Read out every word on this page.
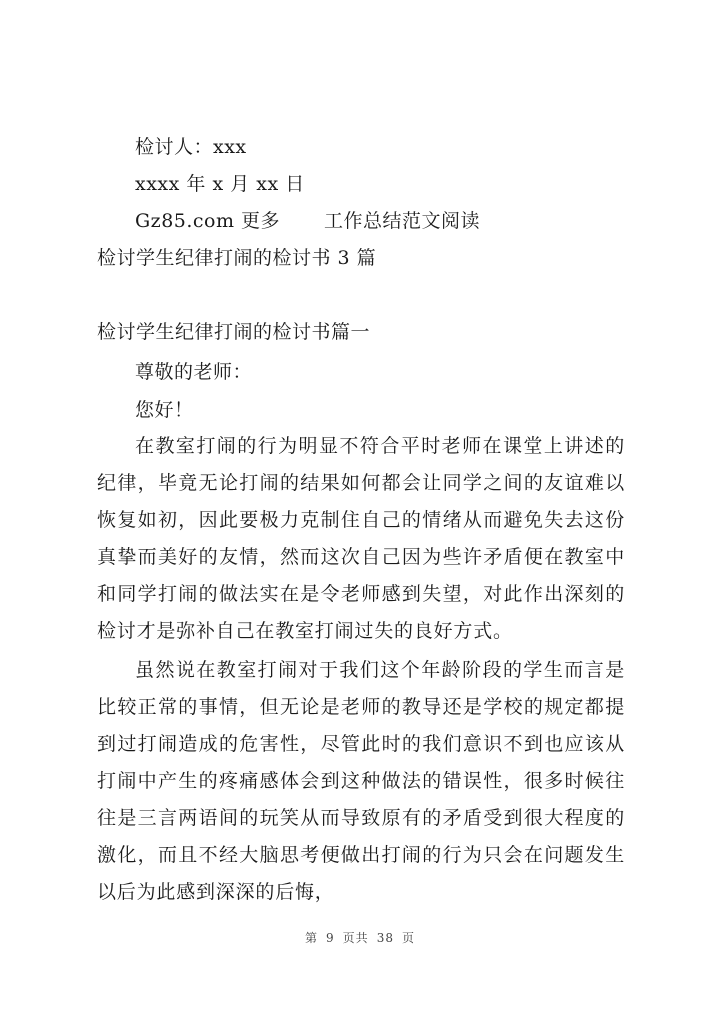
检讨人：xxx
xxxx 年 x 月 xx 日
Gz85.com 更多 工作总结范文阅读
检讨学生纪律打闹的检讨书 3 篇
检讨学生纪律打闹的检讨书篇一
尊敬的老师：
您好！
在教室打闹的行为明显不符合平时老师在课堂上讲述的纪律，毕竟无论打闹的结果如何都会让同学之间的友谊难以恢复如初，因此要极力克制住自己的情绪从而避免失去这份真挚而美好的友情，然而这次自己因为些许矛盾便在教室中和同学打闹的做法实在是令老师感到失望，对此作出深刻的检讨才是弥补自己在教室打闹过失的良好方式。
虽然说在教室打闹对于我们这个年龄阶段的学生而言是比较正常的事情，但无论是老师的教导还是学校的规定都提到过打闹造成的危害性，尽管此时的我们意识不到也应该从打闹中产生的疼痛感体会到这种做法的错误性，很多时候往往是三言两语间的玩笑从而导致原有的矛盾受到很大程度的激化，而且不经大脑思考便做出打闹的行为只会在问题发生以后为此感到深深的后悔，
第 9 页共 38 页
